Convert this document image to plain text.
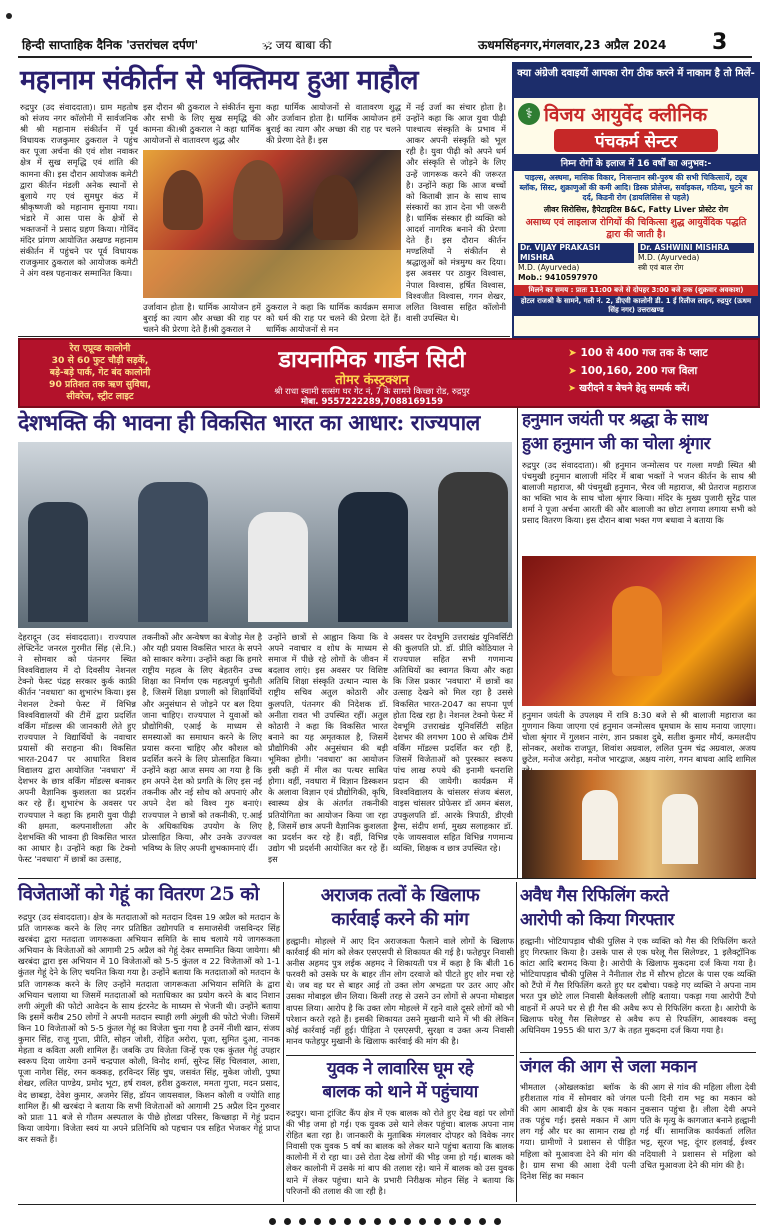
हिन्दी साप्ताहिक दैनिक 'उत्तरांचल दर्पण'	🕉 जय बाबा की	ऊधमसिंहनगर,मंगलवार,23 अप्रैल 2024 3
महानाम संकीर्तन से भक्तिमय हुआ माहौल
रुद्रपुर (उद संवाददाता)। ग्राम महतोष को संजय नगर कॉलोनी में सार्वजनिक श्री श्री महानाम संकीर्तन में पूर्व विधायक राजकुमार ठुकराल ने पहुंच कर पूजा अर्चना की एवं शोश नवाकर क्षेत्र में सुख समृद्धि एवं शांति की कामना की। इस दौरान आयोजक कमेटी द्वारा कीर्तन मंडली अनेक स्थानों से बुलाये गए एवं सुमधुर कंठ में श्रीकृष्णजी को महानाम सुनाया गया। भंडारे में आस पास के क्षेत्रों से भक्तजनों ने प्रसाद ग्रहण किया। गोविंद मंदिर प्रांगण आयोजित अखण्ड महानाम संकीर्तन में पहुंचने पर पूर्व विधायक राजकुमार ठुकराल को आयोजक कमेटी ने अंग वस्त्र पहनाकर सम्मानित किया।
इस दौरान श्री ठुकराल ने संकीर्तन सुना और सभी के लिए सुख समृद्धि की कामना की।श्री ठुकराल ने कहा धार्मिक आयोजनों से वातावरण शुद्ध और
उर्जावान होता है। धार्मिक आयोजन हमें बुराई का त्याग और अच्छा की राह पर चलने की प्रेरणा देते हैं।श्री ठुकराल ने
कहा धार्मिक आयोजनों से वातावरण शुद्ध और उर्जावान होता है। धार्मिक आयोजन हमें बुराई का त्याग और अच्छा की राह पर चलने की प्रेरणा देते हैं। इस
ठुकराल ने कहा कि धार्मिक कार्यक्रम समाज को धर्म की राह पर चलने की प्रेरणा देते हैं। धार्मिक आयोजनों से मन
में नई उर्जा का संचार होता है। उन्होंने कहा कि आज युवा पीढ़ी पाश्चात्य संस्कृति के प्रभाव में आकर अपनी संस्कृति को भूल रही है। युवा पीढ़ी को अपने धर्म और संस्कृति से जोड़ने के लिए उन्हें जागरूक करने की जरूरत है। उन्होंने कहा कि आज बच्चों को किताबी ज्ञान के साथ साथ संस्कारों का ज्ञान देना भी जरूरी है। धार्मिक संस्कार ही व्यक्ति को आदर्श नागरिक बनाने की प्रेरणा देते हैं। इस दौरान कीर्तन मण्डलियों ने संकीर्तन से श्रद्धालुओं को मंत्रमुग्ध कर दिया। इस अवसर पर ठाकुर विश्वास, नेपाल विश्वास, हर्षित विश्वास, विश्वजीत विश्वास, गगन शेखर, ललित विश्वास सहित कॉलोनी वासी उपस्थित थे।
क्या अंग्रेजी दवाइयों आपका रोग ठीक करने में नाकाम है तो मिलें-
⚕ विजय आयुर्वेद क्लीनिक
पंचकर्म सेन्टर
निम्न रोगों के इलाज में 16 वर्षों का अनुभव:-
पाइल्स, अस्थमा, मासिक विकार, निःसन्तान स्त्री-पुरुष की सभी चिकित्सायें, ट्यूब ब्लॉक, सिस्ट, शुक्राणुओं की कमी आदि। डिस्क प्रोलेप्स, सर्वाइकल, गठिया, घुटने का दर्द, किडनी रोग (डायलिसिस से पहले)
लीवर सिरोसिस, हैपेटाइटिस B&C, Fatty Liver प्रोस्टेट रोग
असाध्य एवं लाइलाज रोगियों की चिकित्सा शुद्ध आयुर्वेदिक पद्धति द्वारा की जाती है।
Dr. VIJAY PRAKASH MISHRA
M.D. (Ayurveda)
Mob.: 9410597970
Dr. ASHWINI MISHRA
M.D. (Ayurveda)
स्त्री एवं बाल रोग
मिलने का समय : प्रातः 11:00 बजे से दोपहर 3:00 बजे तक (शुक्रवार अवकाश)
होटल राजश्री के सामने, गली नं. 2, डीएवी कालोनी डी. 1 ई रिलीज लाइन, रुद्रपुर (ऊधम सिंह नगर) उत्तराखण्ड
रेरा एप्रूव्ड कालोनी
30 से 60 फुट चौड़ी सड़कें,
बड़े-बड़े पार्क, गेट बंद कालोनी
90 प्रतिशत तक ऋण सुविधा,
सीवरेज, स्ट्रीट लाइट
डायनामिक गार्डन सिटी
तोमर कंस्ट्रक्शन
श्री राधा स्वामी सत्संग घर गेट नं, 7 के सामने किच्छा रोड, रुद्रपुर
मोबा. 9557222289,7088169159
➤ 100 से 400 गज तक के प्लाट
➤ 100,160, 200 गज विला
➤ खरीदने व बेचने हेतु सम्पर्क करें।
देशभक्ति की भावना ही विकसित भारत का आधार: राज्यपाल
देहरादून (उद संवाददाता)। राज्यपाल लेफ्टिनेंट जनरल गुरमीत सिंह (से.नि.) ने सोमवार को पंतनगर स्थित विश्वविद्यालय में दो दिवसीय नेशनल टेक्नो फेस्ट पंद्रह सरकार कुर्क काफ़ी कीर्तन 'नवधारा' का शुभारंभ किया। इस नेशनल टेक्नो फेस्ट में विभिन्न विश्वविद्यालयों की टीमें द्वारा प्रदर्शित वर्किंग मॉडल्स की जानकारी लेते हुए राज्यपाल ने विद्यार्थियों के नवाचार प्रयासों की सराहना की। विकसित भारत-2047 पर आधारित विशव विद्यालय द्वारा आयोजित 'नवधारा' में देशभर के छात्र वर्किंग मॉडल्स बनाकर अपनी वैज्ञानिक कुशलता का प्रदर्शन कर रहे हैं। शुभारंभ के अवसर पर राज्यपाल ने कहा कि हमारी युवा पीढ़ी की क्षमता, कल्पनाशीलता और देशभक्ति की भावना ही विकसित भारत का आधार है। उन्होंने कहा कि टेक्नो फेस्ट 'नवधारा' में छात्रों का उत्साह,
तकनीकों और अन्वेषण का बेजोड़ मेल है और यही प्रयास विकसित भारत के सपने को साकार करेगा। उन्होंने कहा कि हमारे राष्ट्रीय महत्व के लिए बेहतरीन उच्च शिक्षा का निर्माण एक महत्वपूर्ण चुनौती है, जिसमें शिक्षा प्रणाली को शिक्षार्थियों और अनुसंधान से जोड़ने पर बल दिया जाना चाहिए। राज्यपाल ने युवाओं को प्रौद्योगिकी, एआई के माध्यम से समस्याओं का समाधान करने के लिए प्रयास करना चाहिए और कौशल को प्रदर्शित करने के लिए प्रोत्साहित किया। उन्होंने कहा आज समय आ गया है कि हम अपने देश को प्रगति के लिए इस नई तकनीक और नई सोच को अपनाएं और अपने देश को विश्व गुरु बनाएं। राज्यपाल ने छात्रों को तकनीकी, ए.आई के अधिकाधिक उपयोग के लिए प्रोत्साहित किया, और उनके उज्ज्वल भविष्य के लिए अपनी शुभकामनाएं दीं।
उन्होंने छात्रों से आह्वान किया कि वे अपने नवाचार व शोध के माध्यम से समाज में पीछे रहे लोगों के जीवन में बदलाव लाएं। इस अवसर पर विशिष्ट अतिथि शिक्षा संस्कृति उत्थान न्यास के राष्ट्रीय सचिव अतुल कोठारी और कुलपति, पंतनगर की निदेशक डॉ. अनीता रावत भी उपस्थित रहीं। अतुल कोठारी ने कहा कि विकसित भारत बनाने का यह अमृतकाल है, जिसमें प्रौद्योगिकी और अनुसंधान की बड़ी भूमिका होगी। 'नवधारा' का आयोजन इसी कड़ी में मील का पत्थर साबित होगा। वहीं, नवधारा में विज्ञान डिस्कशन के अलावा विज्ञान एवं प्रौद्योगिकी, कृषि, स्वास्थ्य क्षेत्र के अंतर्गत तकनीकी प्रतियोगिता का आयोजन किया जा रहा है, जिसमें छात्र अपनी वैज्ञानिक कुशलता का प्रदर्शन कर रहे हैं। वहीं, विभिन्न उद्योग भी प्रदर्शनी आयोजित कर रहे हैं। इस
अवसर पर देवभूमि उत्तराखंड यूनिवर्सिटी की कुलपति प्रो. डॉ. प्रीति कोठियाल ने राज्यपाल सहित सभी गणमान्य अतिथियों का स्वागत किया और कहा कि जिस प्रकार 'नवधारा' में छात्रों का उत्साह देखने को मिल रहा है उससे विकसित भारत-2047 का सपना पूर्ण होता दिख रहा है। नेशनल टेक्नो फेस्ट में देवभूमि उत्तराखंड यूनिवर्सिटी सहित देशभर की लगभग 100 से अधिक टीमें वर्किंग मॉडल्स प्रदर्शित कर रही हैं, जिसमें विजेताओं को पुरस्कार स्वरूप पांच लाख रुपये की इनामी धनराशि प्रदान की जायेगी। कार्यक्रम में विश्वविद्यालय के चांसलर संजय बंसल, वाइस चांसलर प्रोफेसर डॉ अमन बंसल, उपकुलपति डॉ. आरके त्रिपाठी, डीएवी ड्रैग्स, संदीप शर्मा, मुख्य सलाहकार डॉ. एके जायसवाल सहित विभिन्न गणमान्य व्यक्ति, शिक्षक व छात्र उपस्थित रहे।
हनुमान जयंती पर श्रद्धा के साथ
हुआ हनुमान जी का चोला श्रृंगार
रुद्रपुर (उद संवाददाता)। श्री हनुमान जन्मोत्सव पर गल्ला मण्डी स्थित श्री पंचमुखी हनुमान बालाजी मंदिर में बाबा भक्तों ने भजन कीर्तन के साथ श्री बालाजी महाराज, श्री पंचमुखी हनुमान, भैरव जी महाराज, श्री प्रेतराज महाराज का भक्ति भाव के साथ चोला श्रृंगार किया। मंदिर के मुख्य पुजारी सुरेंद्र पाल शर्मा ने पूजा अर्चना आरती की और बालाजी का छोटा लगाया लगाया सभी को प्रसाद वितरण किया। इस दौरान बाबा भक्त गण बधावा ने बताया कि
हनुमान जयंती के उपलक्ष्य में रात्रि 8:30 बजे से श्री बालाजी महाराज का गुणगान किया जाएगा एवं हनुमान जन्मोत्सव धूमधाम के साथ मनाया जाएगा। चोला श्रृंगार में गुलशन नारंग, ज्ञान प्रकाश दुबे, सतीश कुमार मौर्य, कमलदीप सोनकर, अशोक राजपूत, शिवांश अग्रवाल, ललित पुनम चंद्र अग्रवाल, अजय छुटेल, मनोज अरोड़ा, मनोज भारद्वाज, अक्षय नारंग, गगन बाधवा आदि शामिल
विजेताओं को गेहूं का वितरण 25 को
रुद्रपुर (उद संवाददाता)। क्षेत्र के मतदाताओं को मतदान दिवस 19 अप्रैल को मतदान के प्रति जागरूक करने के लिए नगर प्रतिष्ठित उद्योगपति व समाजसेवी जसविन्दर सिंह खरबंदा द्वारा मतदाता जागरूकता अभियान समिति के साथ चलाये गये जागरूकता अभियान के विजेताओं को आगामी 25 अप्रैल को गेहूं देकर सम्मानित किया जायेगा। श्री खरबंदा द्वारा इस अभियान में 10 विजेताओं को 5-5 कुंतल व 22 विजेताओं को 1-1 कुंतल गेहूं देने के लिए चयनित किया गया है। उन्होंने बताया कि मतदाताओं को मतदान के प्रति जागरूक करने के लिए उन्होंने मतदाता जागरूकता अभियान समिति के द्वारा अभियान चलाया था जिसमें मतदाताओं को मताधिकार का प्रयोग करने के बाद निशान लगी अंगुली की फोटो आवेदन के साथ इंटरनेट के माध्यम से भेजनी थी। उन्होंने बताया कि इसमें करीब 250 लोगों ने अपनी मतदान स्याही लगी अंगुली की फोटो भेजी। जिसमें किन 10 विजेताओं को 5-5 कुंतल गेहूं का विजेता चुना गया है उनमें नीशी खान, संजय कुमार सिंह, राजू गुप्ता, प्रीति, सोहन जोशी, रोहित अरोरा, पूजा, सुमित दुआ, नानक मेहता व कविता अली शामिल हैं। जबकि उप विजेता जिन्हें एक एक कुंतल गेहूं उपहार स्वरूप दिया जायेगा उनमें चन्द्रपाल कोली, विनोद शर्मा, सुरेन्द्र सिंह चिलवाल, आशा, पूजा नागेश सिंह, रमन कक्कड़, हरविन्दर सिंह चुघ, जसवंत सिंह, मुकेश जोशी, पुष्पा शेखर, ललित पाण्डेय, प्रमोद भूटा, हर्ष रावल, हरीश ठुकराल, ममता गुप्ता, मदन प्रसाद, वेद छाबड़ा, देवेश कुमार, अजमेर सिंह, डॉयन जायसवाल, किशन कोली व ज्योति शाह शामिल हैं। श्री खरबंदा ने बताया कि सभी विजेताओं को आगामी 25 अप्रैल दिन गुरुवार को प्रातः 11 बजे से गौतम अस्पताल के पीछे होलडा परिसर, किच्छाड़ा में गेहूं प्रदान किया जायेगा। विजेता स्वयं या अपने प्रतिनिधि को पहचान पत्र सहित भेजकर गेहूं प्राप्त कर सकते हैं।
अराजक तत्वों के खिलाफ
कार्रवाई करने की मांग
हल्द्वानी। मोहल्ले में आए दिन अराजकता फैलाने वाले लोगों के खिलाफ कार्रवाई की मांग को लेकर एसएसपी से शिकायत की गई है। फतेहपुर निवासी अनीस अहमद पुत्र लईक अहमद ने शिकायती पत्र में कहा है कि बीती 16 फरवरी को उसके घर के बाहर तीन लोग दरवाजे को पीटते हुए शोर मचा रहे थे। जब वह घर से बाहर आई तो उक्त लोग अभद्रता पर उतर आए और उसका मोबाइल छीन लिया। किसी तरह से उसने उन लोगों से अपना मोबाइल वापस लिया। आरोप है कि उक्त लोग मोहल्ले में रहने वाले दूसरे लोगों को भी परेशान करते रहते हैं। इसकी शिकायत उसने मुखानी थाने में भी की लेकिन कोई कार्रवाई नहीं हुई। पीड़िता ने एसएसपी, सुरक्षा व उक्त अन्य निवासी मानव फतेहपुर मुखानी के खिलाफ कार्रवाई की मांग की है।
युवक ने लावारिस घूम रहे
बालक को थाने में पहुंचाया
रुद्रपुर। थाना ट्रांजिट कैंप क्षेत्र में एक बालक को रोते हुए देख वहां पर लोगों की भीड़ जमा हो गई। एक युवक उसे थाने लेकर पहुंचा। बालक अपना नाम रोहित बता रहा है। जानकारी के मुताबिक मंगलवार दोपहर को विवेक नगर निवासी एक युवक 5 वर्ष का बालक को लेकर थाने पहुंचा बताया कि बालक कालोनी में रो रहा था। उसे रोता देख लोगों की भीड़ जमा हो गई। बालक को लेकर कालोनी में उसके मां बाप की तलाश रहे। थाने में बालक को उस युवक थाने में लेकर पहुंचा। थाने के प्रभारी निरीक्षक मोहन सिंह ने बताया कि परिजनों की तलाश की जा रही है।
अवैध गैस रिफिलिंग करते
आरोपी को किया गिरफ्तार
हल्द्वानी। भोटियापड़ाव चौकी पुलिस ने एक व्यक्ति को गैस की रिफिलिंग करते हुए गिरफ्तार किया है। उसके पास से एक घरेलू गैस सिलेण्डर, 1 इलैक्ट्रॉनिक कांटा आदि बरामद किया है। आरोपी के खिलाफ मुकदमा दर्ज किया गया है। भोटियापड़ाव चौकी पुलिस ने नैनीताल रोड में सौरभ होटल के पास एक व्यक्ति को टैंपो में गैस रिफिलिंग करते हुए धर दबोचा। पकड़े गए व्यक्ति ने अपना नाम भरत पुत्र छोटे लाल निवासी बैलेकलली लौहि बताया। पकड़ा गया आरोपी टैंपो वाहनों में अपने घर से ही गैस की अवैध रूप से रिफिलिंग करता है। आरोपी के खिलाफ घरेलू गैस सिलेण्डर से अवैध रूप से रिफलिंग, आवश्यक वस्तु अधिनियम 1955 की धारा 3/7 के तहत मुकदमा दर्ज किया गया है।
जंगल की आग से जला मकान
भीमताल (ओखलकांडा ब्लॉक के हरीशताल गांव में सोमवार को जंगल की आग आबादी क्षेत्र के एक मकान तक पहुंच गई। इससे मकान में आग लग गई और घर का सामान राख हो गया। ग्रामीणों ने प्रशासन से पीड़ित महिला को मुआवजा देने की मांग की है। ग्राम सभा की आशा देवी पत्नी दिनेश सिंह का मकान
की आग से गांव की महिला लीला देवी पत्नी दिनी राम भट्ट का मकान को नुकसान पहुंचा है। लीला देवी अपने पति के मृत्यु के कागजात बनाने हल्द्वानी गई थीं। सामाजिक कार्यकर्ता ललित भट्ट, सूरज भट्ट, दूंगर हलवाई, ईश्वर नदियाली ने प्रशासन से महिला को उचित मुआवजा देने की मांग की है।
